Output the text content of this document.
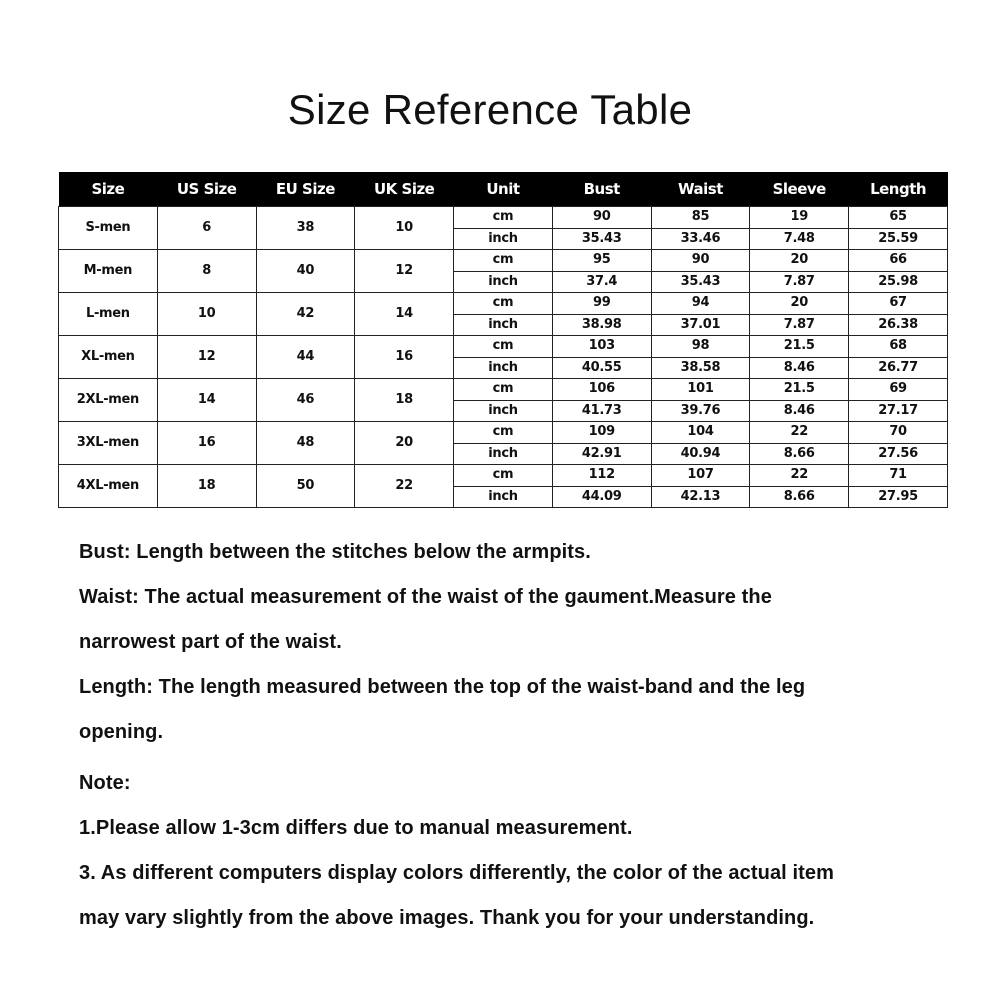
Size Reference Table
Size	US Size	EU Size	UK Size	Unit	Bust	Waist	Sleeve	Length
S-men	6	38	10	cm	90	85	19	65
				inch	35.43	33.46	7.48	25.59
M-men	8	40	12	cm	95	90	20	66
				inch	37.4	35.43	7.87	25.98
L-men	10	42	14	cm	99	94	20	67
				inch	38.98	37.01	7.87	26.38
XL-men	12	44	16	cm	103	98	21.5	68
				inch	40.55	38.58	8.46	26.77
2XL-men	14	46	18	cm	106	101	21.5	69
				inch	41.73	39.76	8.46	27.17
3XL-men	16	48	20	cm	109	104	22	70
				inch	42.91	40.94	8.66	27.56
4XL-men	18	50	22	cm	112	107	22	71
				inch	44.09	42.13	8.66	27.95

Bust: Length between the stitches below the armpits.

Waist: The actual measurement of the waist of the gaument.Measure the

narrowest part of the waist.

Length: The length measured between the top of the waist-band and the leg

opening.

Note:

1.Please allow 1-3cm differs due to manual measurement.

3. As different computers display colors differently, the color of the actual item

may vary slightly from the above images. Thank you for your understanding.
